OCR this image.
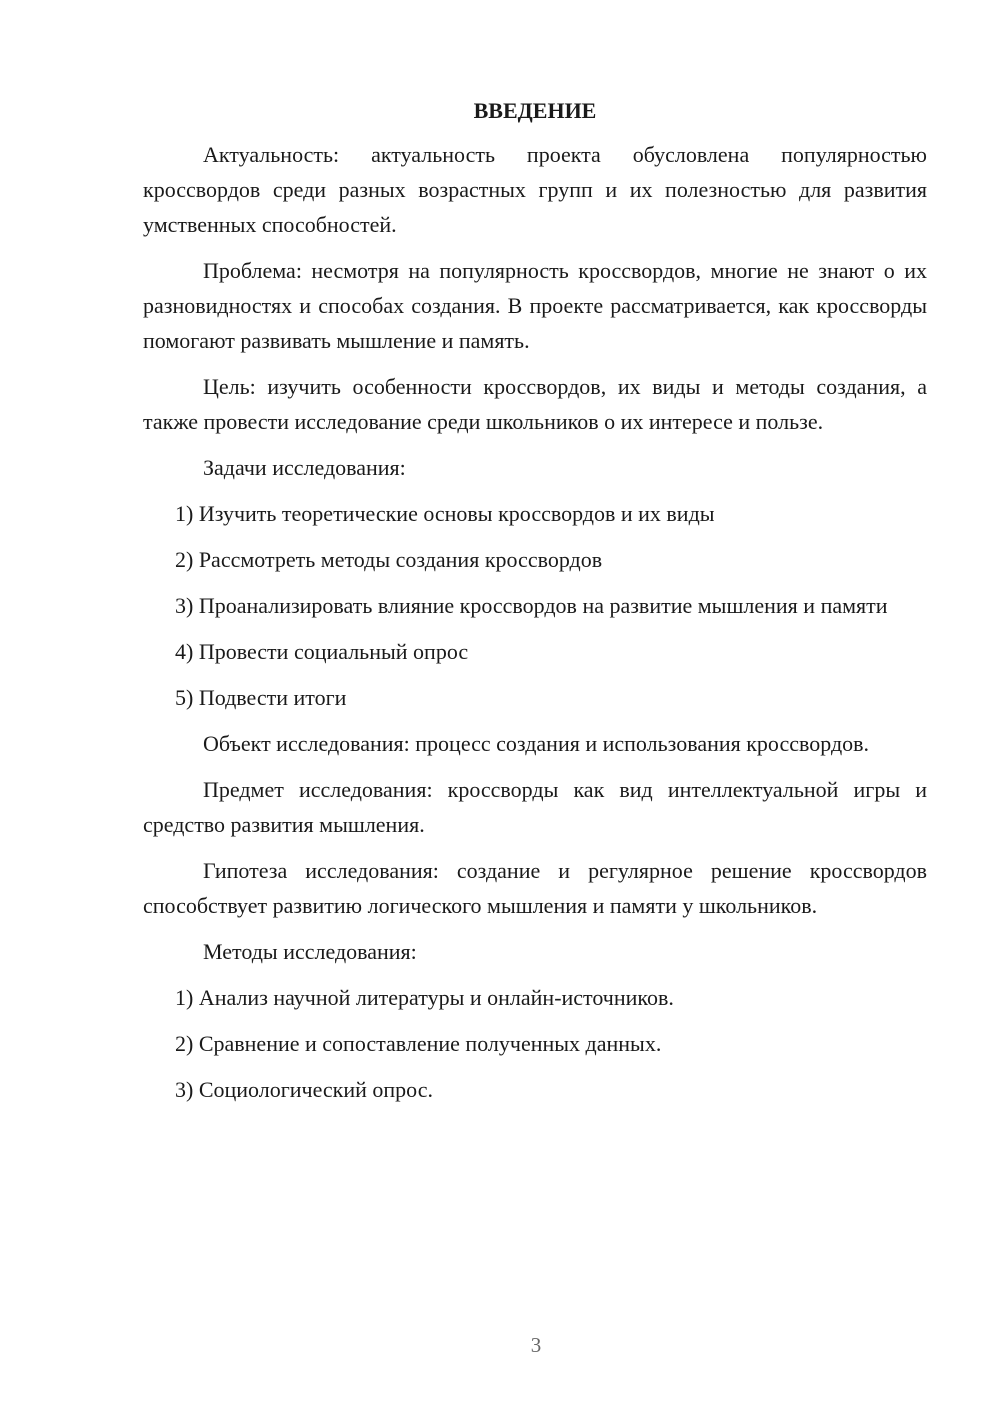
ВВЕДЕНИЕ

Актуальность: актуальность проекта обусловлена популярностью кроссвордов среди разных возрастных групп и их полезностью для развития умственных способностей.

Проблема: несмотря на популярность кроссвордов, многие не знают о их разновидностях и способах создания. В проекте рассматривается, как кроссворды помогают развивать мышление и память.

Цель: изучить особенности кроссвордов, их виды и методы создания, а также провести исследование среди школьников о их интересе и пользе.

Задачи исследования:

1) Изучить теоретические основы кроссвордов и их виды

2) Рассмотреть методы создания кроссвордов

3) Проанализировать влияние кроссвордов на развитие мышления и памяти

4) Провести социальный опрос

5) Подвести итоги

Объект исследования: процесс создания и использования кроссвордов.

Предмет исследования: кроссворды как вид интеллектуальной игры и средство развития мышления.

Гипотеза исследования: создание и регулярное решение кроссвордов способствует развитию логического мышления и памяти у школьников.

Методы исследования:

1) Анализ научной литературы и онлайн-источников.

2) Сравнение и сопоставление полученных данных.

3) Социологический опрос.

3
